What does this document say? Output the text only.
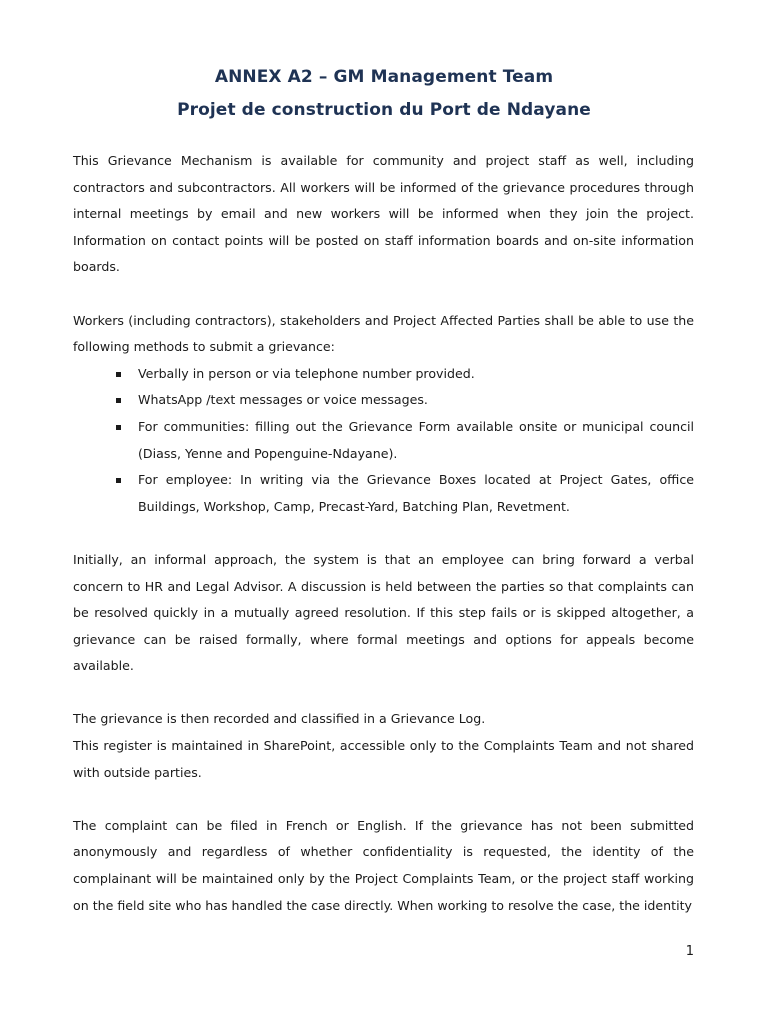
ANNEX A2 – GM Management Team
Projet de construction du Port de Ndayane

This Grievance Mechanism is available for community and project staff as well, including contractors and subcontractors. All workers will be informed of the grievance procedures through internal meetings by email and new workers will be informed when they join the project. Information on contact points will be posted on staff information boards and on-site information boards.

Workers (including contractors), stakeholders and Project Affected Parties shall be able to use the following methods to submit a grievance:

Verbally in person or via telephone number provided.
WhatsApp /text messages or voice messages.
For communities: filling out the Grievance Form available onsite or municipal council (Diass, Yenne and Popenguine-Ndayane).
For employee: In writing via the Grievance Boxes located at Project Gates, office Buildings, Workshop, Camp, Precast-Yard, Batching Plan, Revetment.

Initially, an informal approach, the system is that an employee can bring forward a verbal concern to HR and Legal Advisor. A discussion is held between the parties so that complaints can be resolved quickly in a mutually agreed resolution. If this step fails or is skipped altogether, a grievance can be raised formally, where formal meetings and options for appeals become available.

The grievance is then recorded and classified in a Grievance Log.

This register is maintained in SharePoint, accessible only to the Complaints Team and not shared with outside parties.

The complaint can be filed in French or English. If the grievance has not been submitted anonymously and regardless of whether confidentiality is requested, the identity of the complainant will be maintained only by the Project Complaints Team, or the project staff working on the field site who has handled the case directly. When working to resolve the case, the identity

1
